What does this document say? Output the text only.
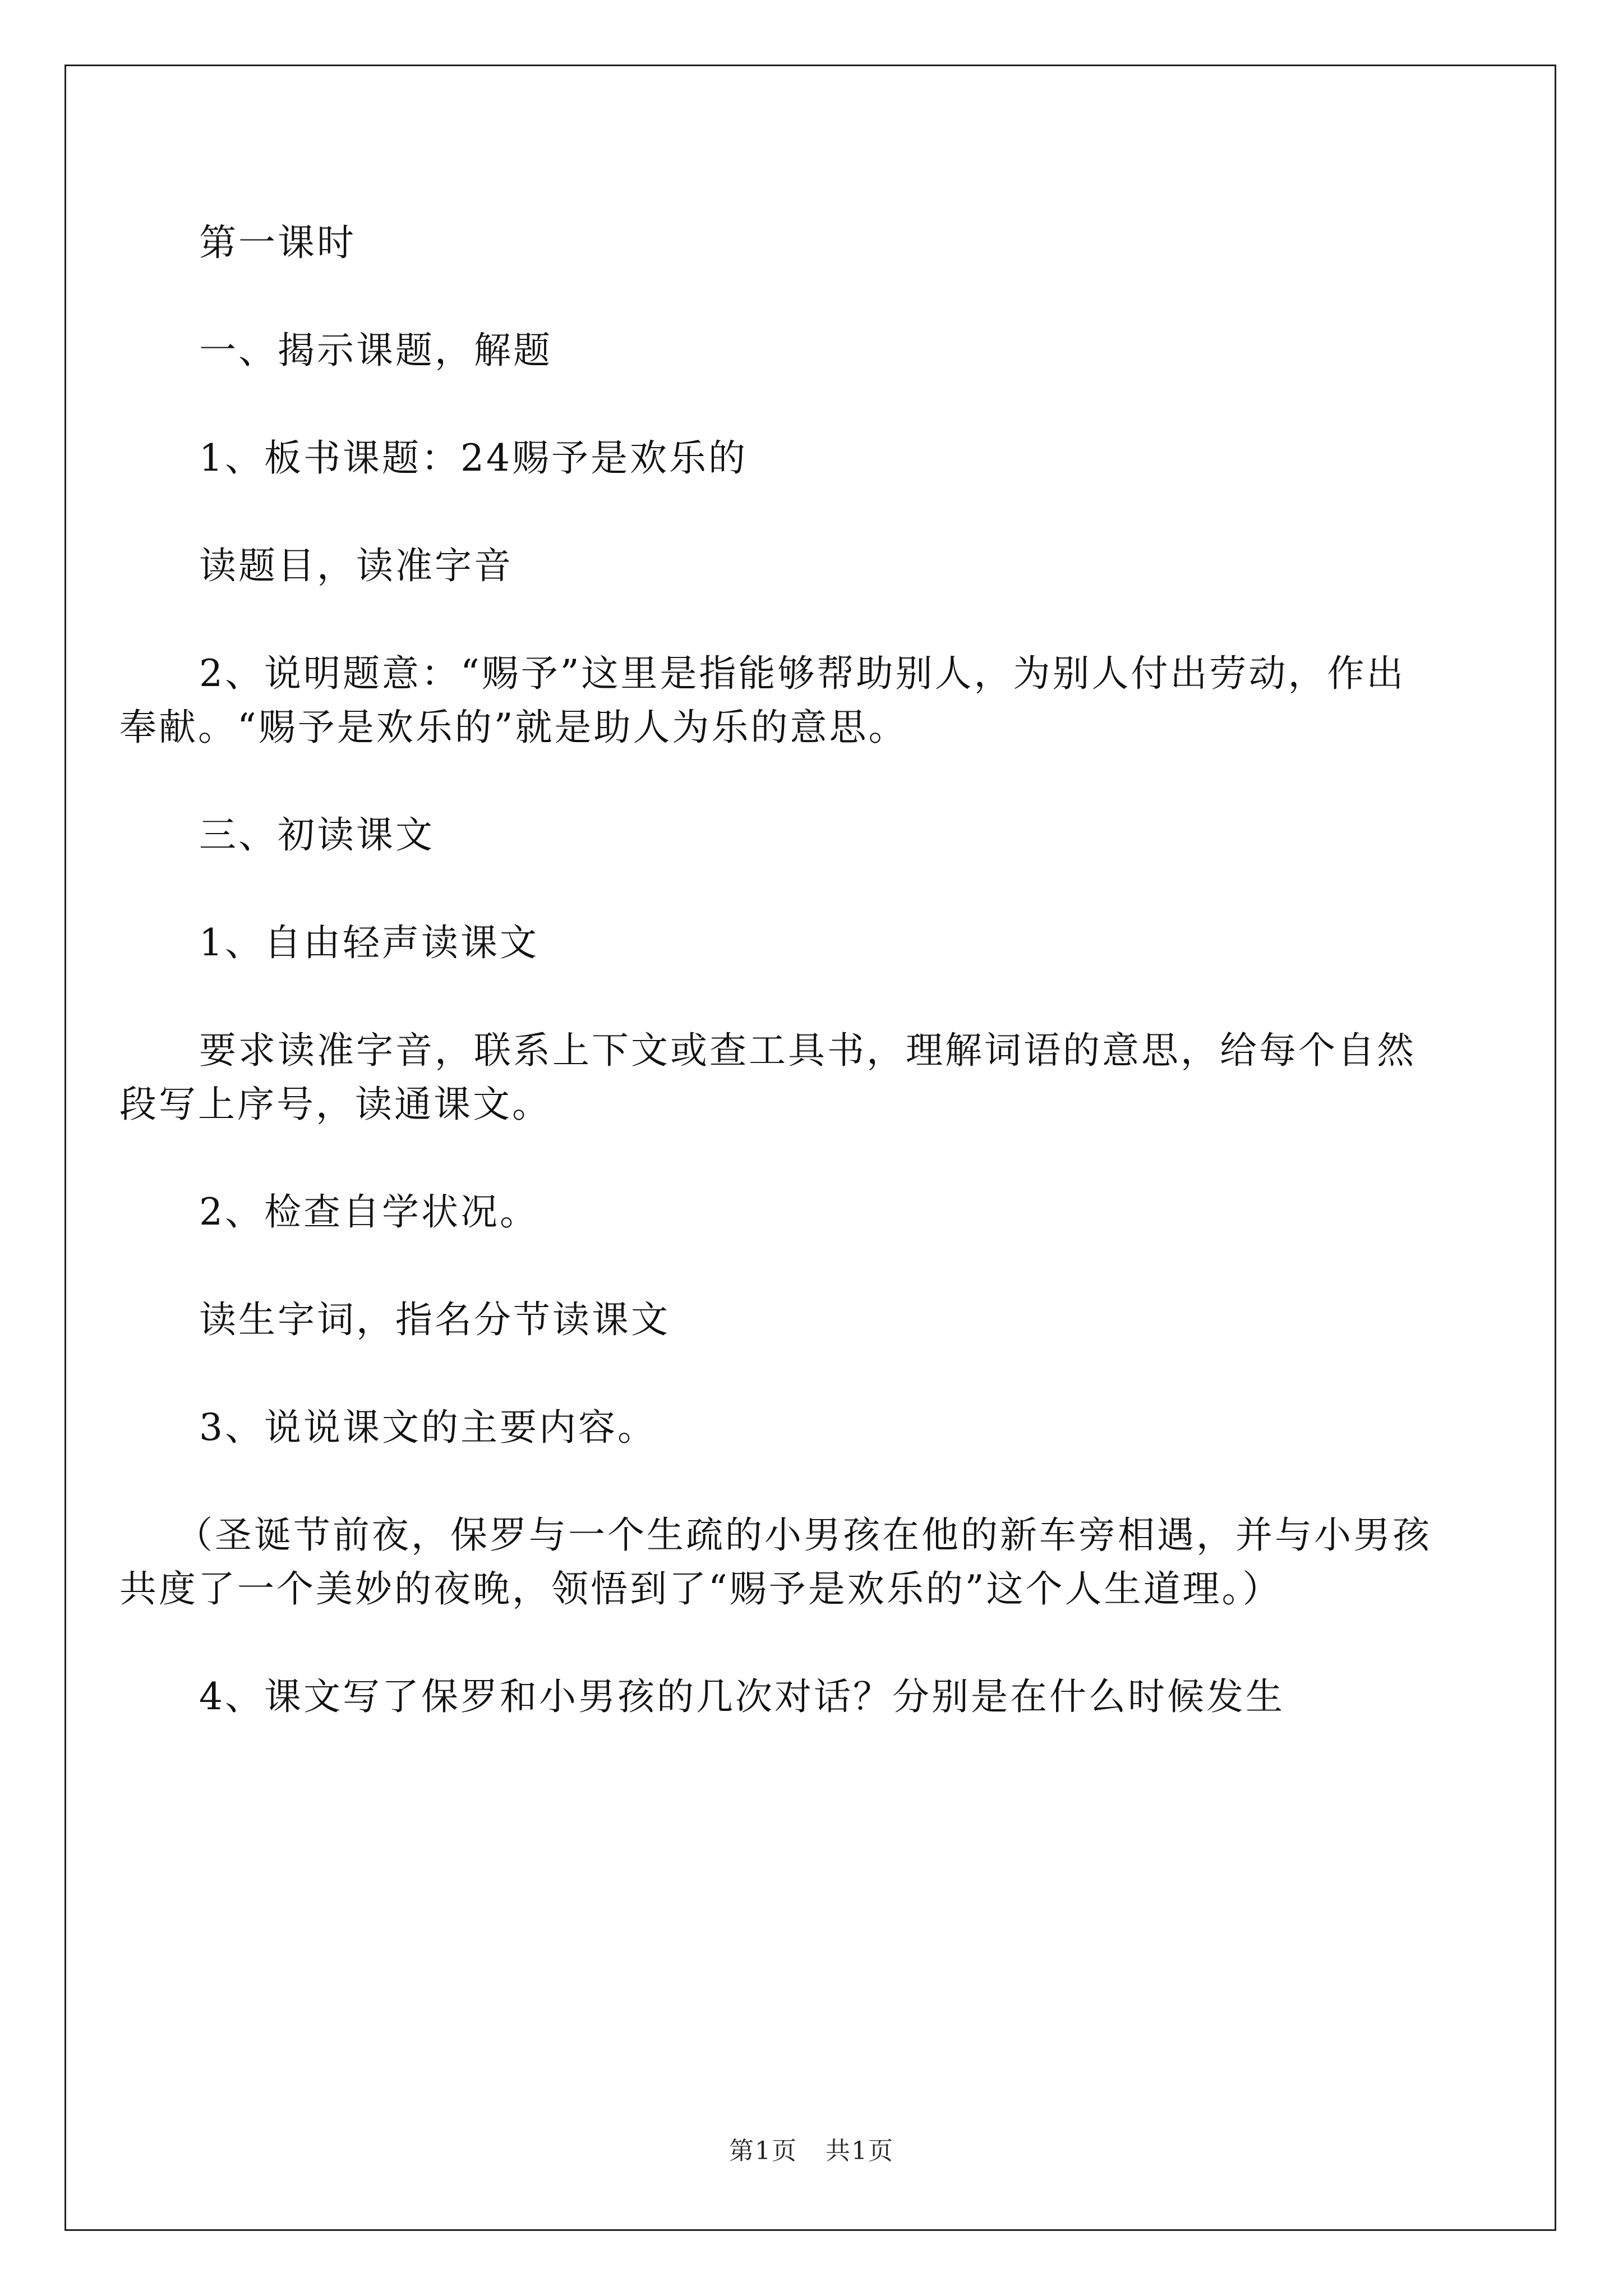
第一课时

一、揭示课题，解题

1、板书课题：24赐予是欢乐的

读题目，读准字音

2、说明题意：“赐予”这里是指能够帮助别人，为别人付出劳动，作出奉献。“赐予是欢乐的”就是助人为乐的意思。

三、初读课文

1、自由轻声读课文

要求读准字音，联系上下文或查工具书，理解词语的意思，给每个自然段写上序号，读通课文。

2、检查自学状况。

读生字词，指名分节读课文

3、说说课文的主要内容。

（圣诞节前夜，保罗与一个生疏的小男孩在他的新车旁相遇，并与小男孩共度了一个美妙的夜晚，领悟到了“赐予是欢乐的”这个人生道理。）

4、课文写了保罗和小男孩的几次对话？分别是在什么时候发生

第1页 共1页
